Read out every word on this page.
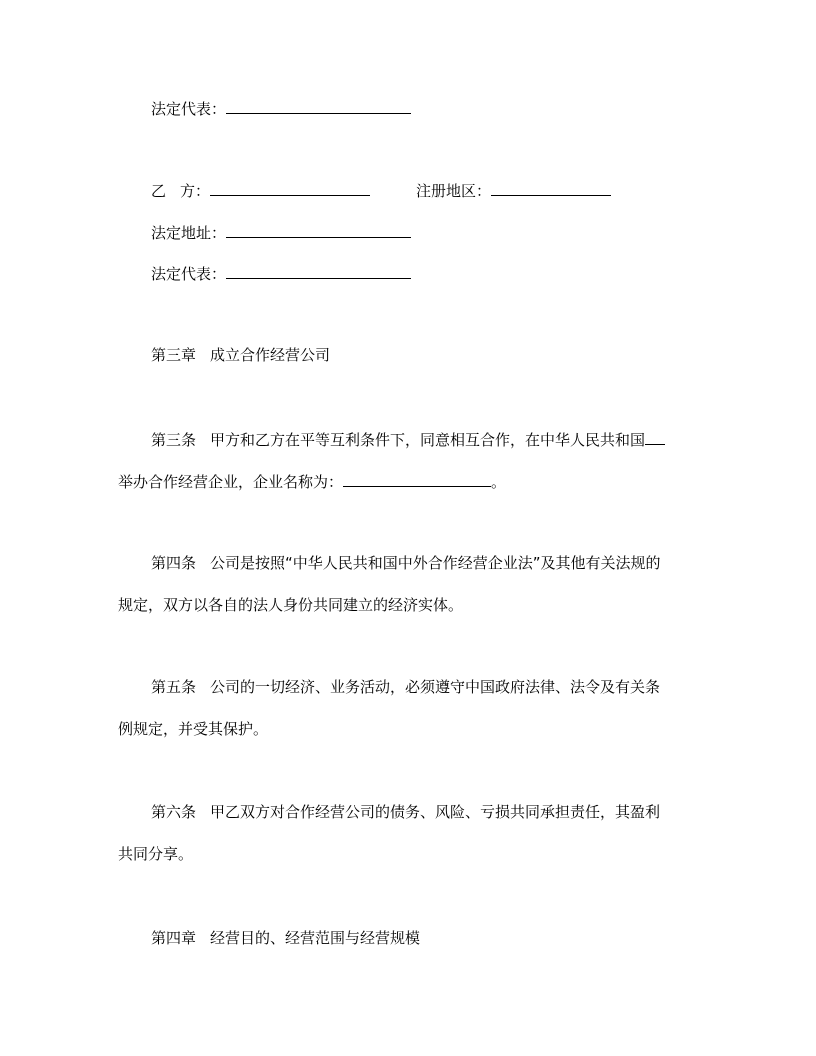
法定代表：
乙 方：	注册地区：
法定地址：
法定代表：
第三章 成立合作经营公司
第三条 甲方和乙方在平等互利条件下，同意相互合作，在中华人民共和国
举办合作经营企业，企业名称为：	。
第四条 公司是按照“中华人民共和国中外合作经营企业法”及其他有关法规的
规定，双方以各自的法人身份共同建立的经济实体。
第五条 公司的一切经济、业务活动，必须遵守中国政府法律、法令及有关条
例规定，并受其保护。
第六条 甲乙双方对合作经营公司的债务、风险、亏损共同承担责任，其盈利
共同分享。
第四章 经营目的、经营范围与经营规模
